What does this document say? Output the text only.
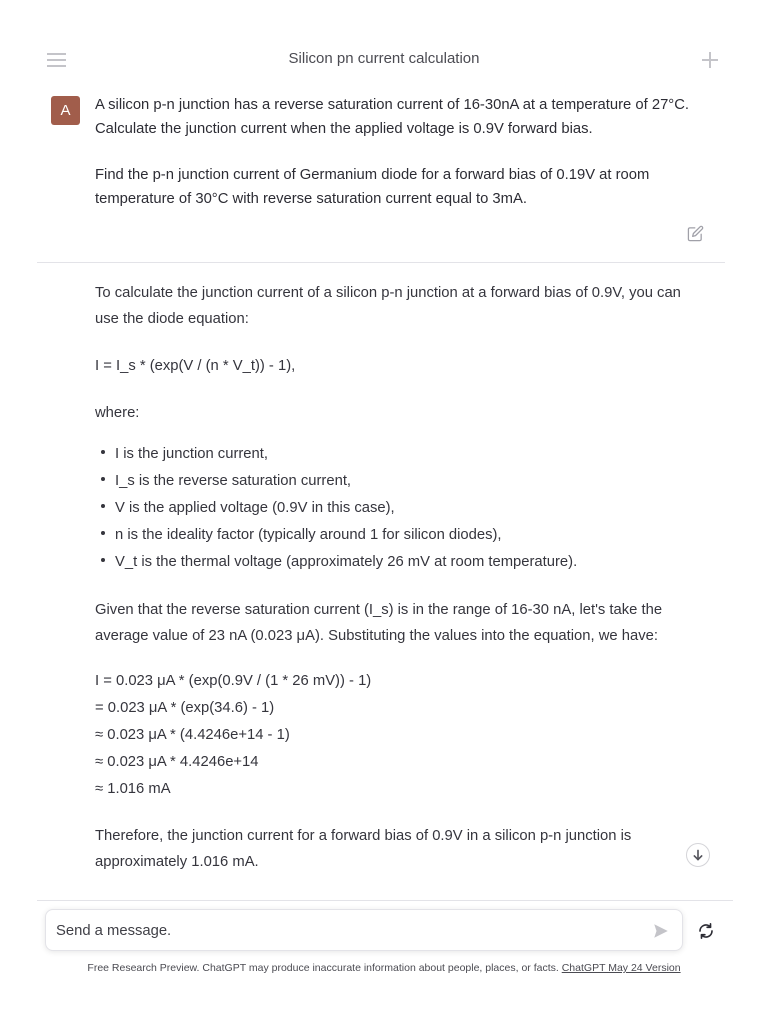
Silicon pn current calculation
A	A silicon p-n junction has a reverse saturation current of 16-30nA at a temperature of 27°C. Calculate the junction current when the applied voltage is 0.9V forward bias.

Find the p-n junction current of Germanium diode for a forward bias of 0.19V at room temperature of 30°C with reverse saturation current equal to 3mA.

To calculate the junction current of a silicon p-n junction at a forward bias of 0.9V, you can use the diode equation:

I = I_s * (exp(V / (n * V_t)) - 1),

where:

I is the junction current,
I_s is the reverse saturation current,
V is the applied voltage (0.9V in this case),
n is the ideality factor (typically around 1 for silicon diodes),
V_t is the thermal voltage (approximately 26 mV at room temperature).

Given that the reverse saturation current (I_s) is in the range of 16-30 nA, let's take the average value of 23 nA (0.023 μA). Substituting the values into the equation, we have:

I = 0.023 μA * (exp(0.9V / (1 * 26 mV)) - 1)

= 0.023 μA * (exp(34.6) - 1)

≈ 0.023 μA * (4.4246e+14 - 1)

≈ 0.023 μA * 4.4246e+14

≈ 1.016 mA

Therefore, the junction current for a forward bias of 0.9V in a silicon p-n junction is approximately 1.016 mA.

Send a message.
Free Research Preview. ChatGPT may produce inaccurate information about people, places, or facts. ChatGPT May 24 Version
